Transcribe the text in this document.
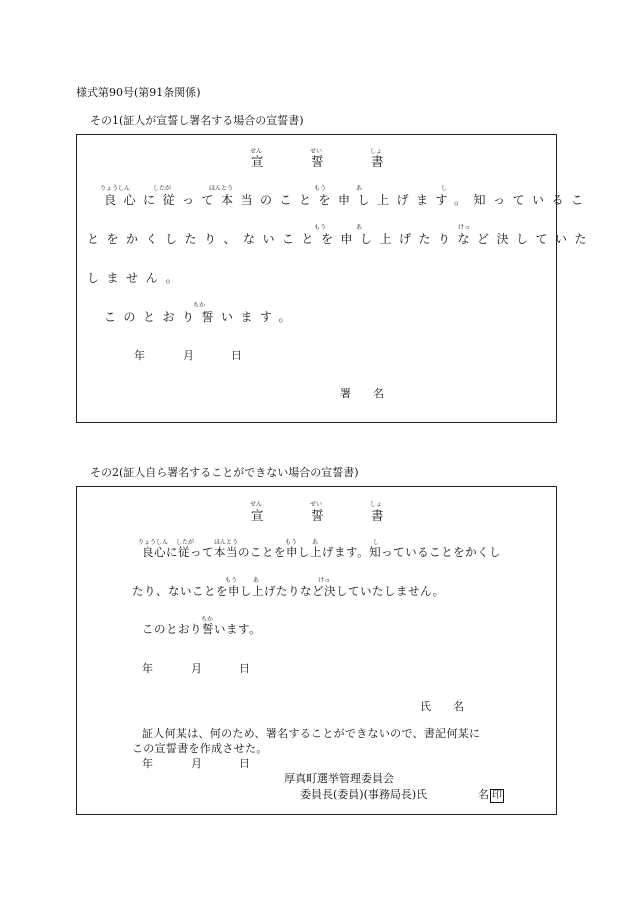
様式第90号(第91条関係)
その1(証人が宣誓し署名する場合の宣誓書)
せん	せい	しょ
宣	誓	書
りょうしん	したが	ほんとう	もう	あ	し
良心に従って本当のことを申し上げます。知っているこ
もう	あ	けっ
とをかくしたり、ないことを申し上げたりなど決していた
しません。
ちか
このとおり誓います。
年	月	日
署　　名
その2(証人自ら署名することができない場合の宣誓書)
せん	せい	しょ
宣	誓	書
りょうしん したが	ほんとう	もう あ	し
良心に従って本当のことを申し上げます。知っていることをかくし
もう	あ	けっ
たり、ないことを申し上げたりなど決していたしません。
ちか
このとおり誓います。
年	月	日
氏　　名
証人何某は、何のため、署名することができないので、書記何某に
この宣誓書を作成させた。
年	月	日
厚真町選挙管理委員会
委員長(委員)(事務局長)氏	名 印
